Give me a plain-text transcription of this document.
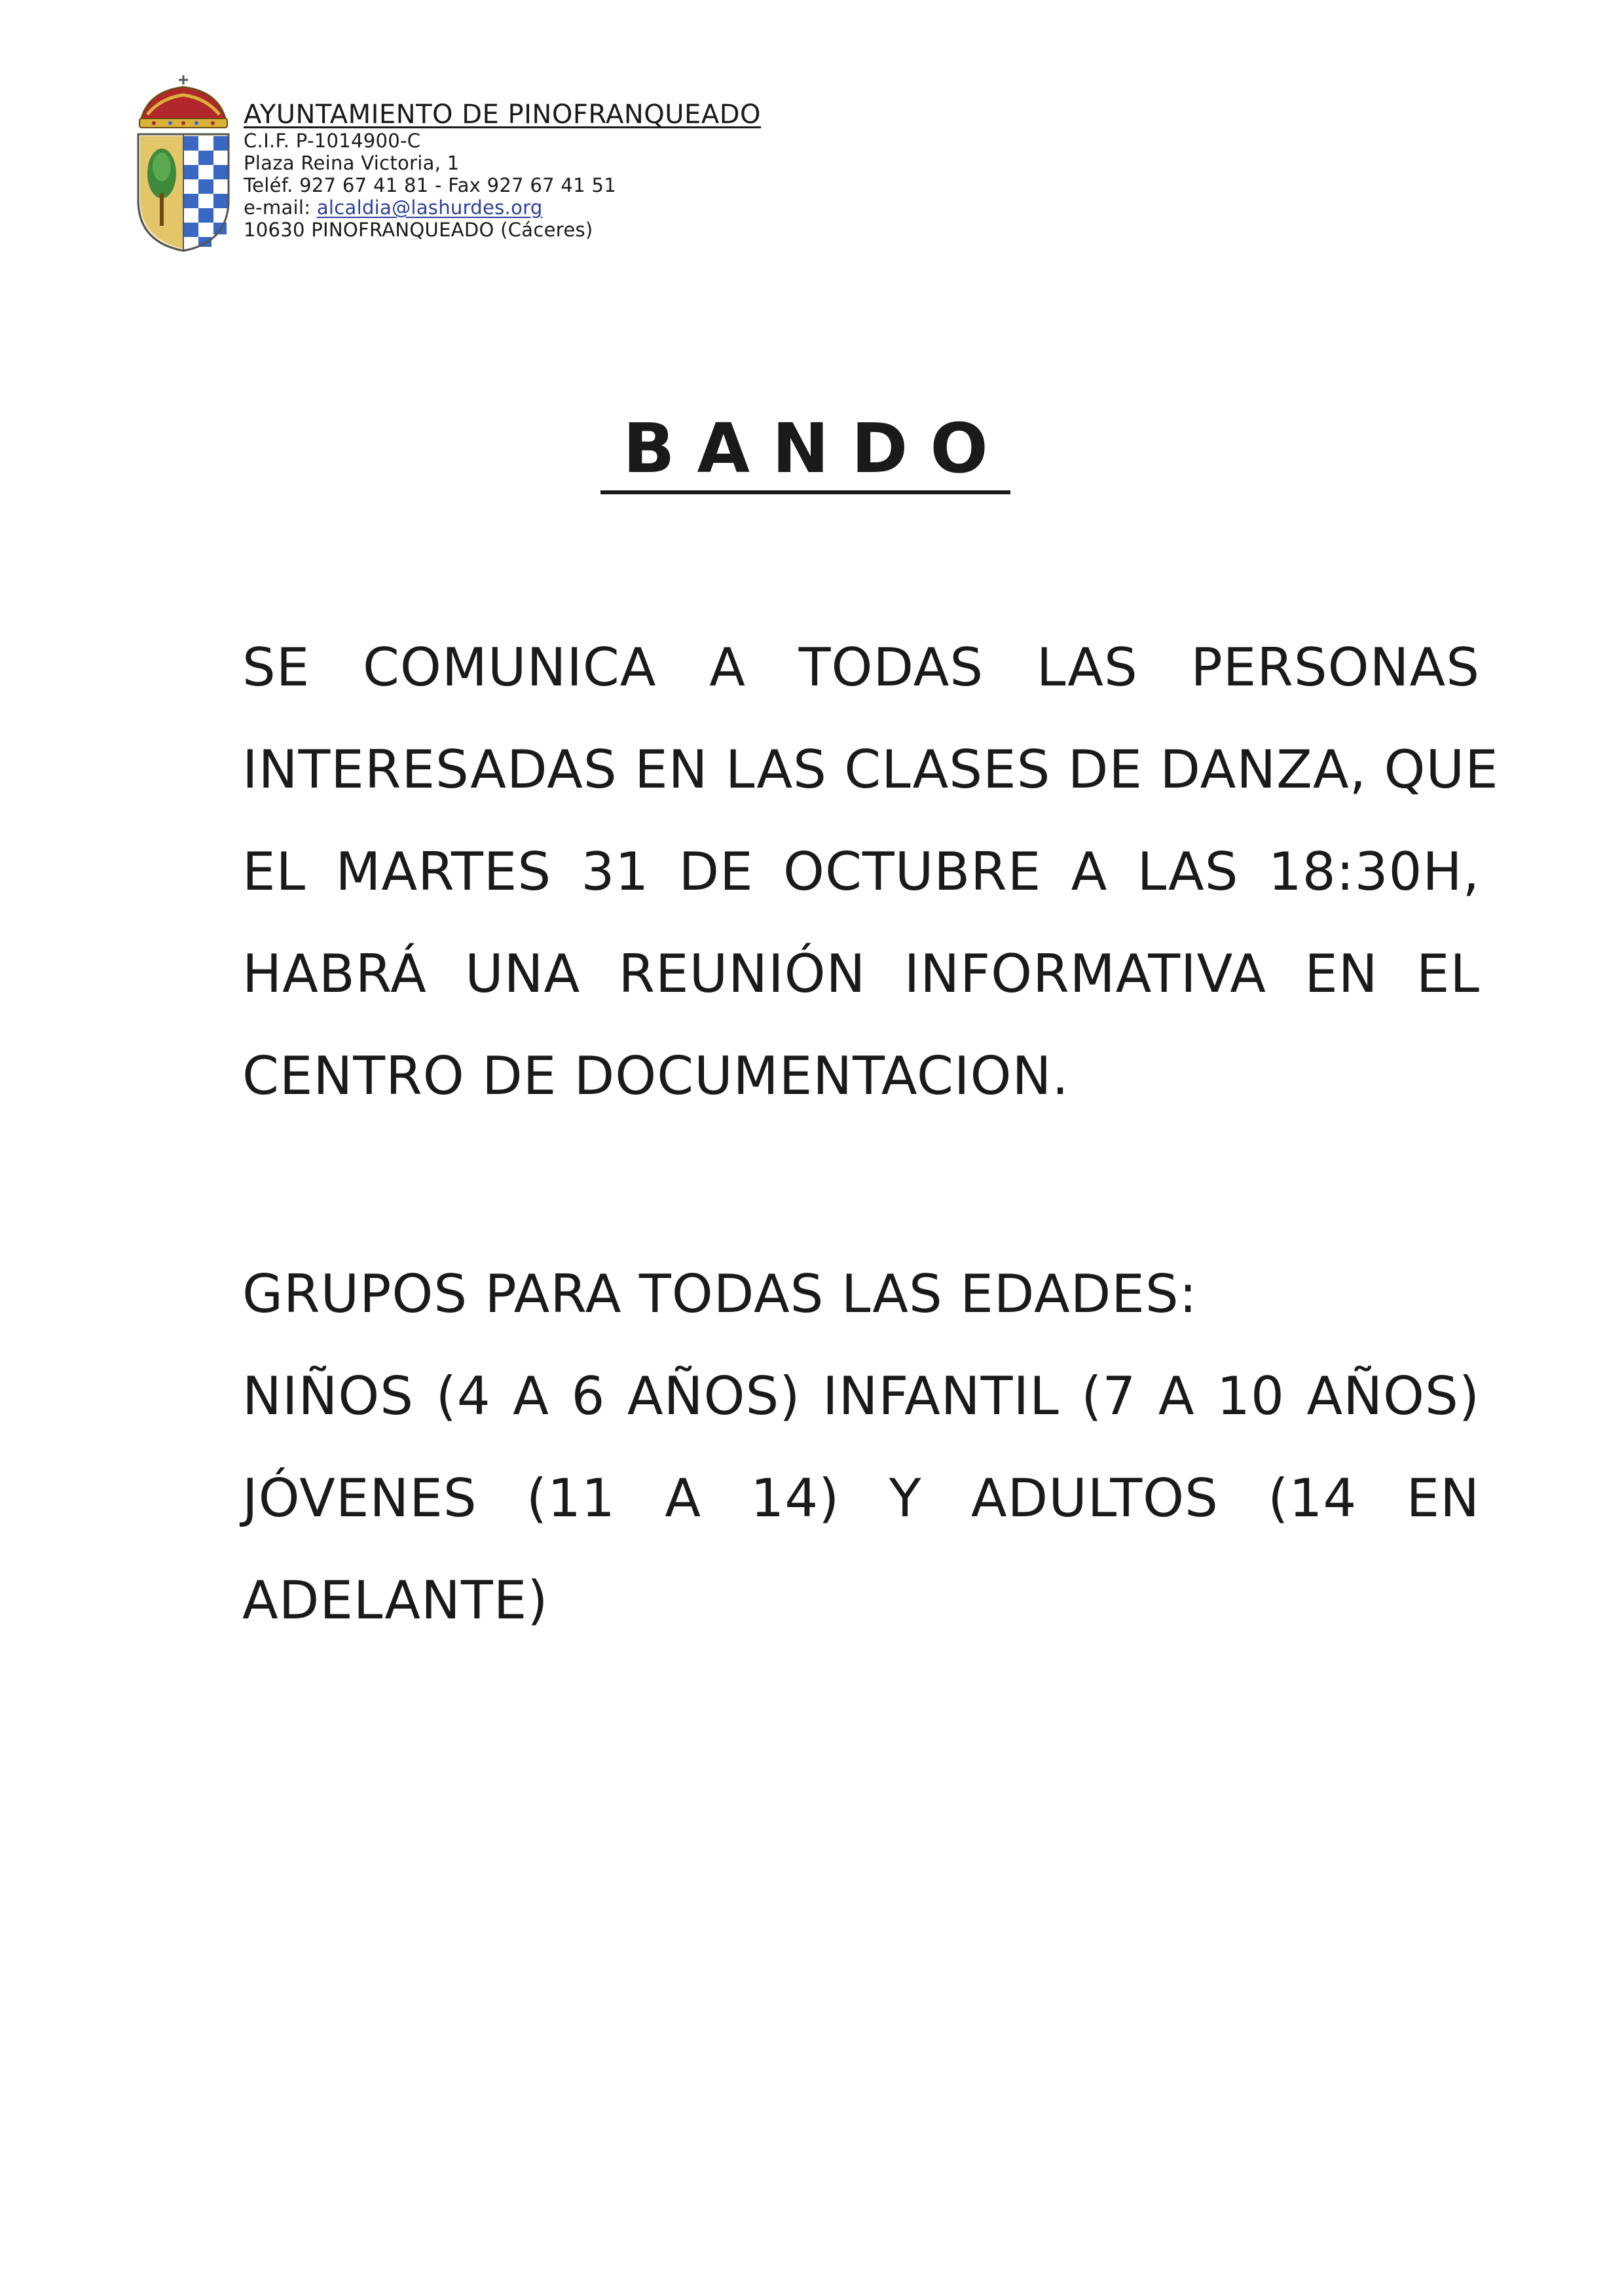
AYUNTAMIENTO DE PINOFRANQUEADO
C.I.F. P-1014900-C
Plaza Reina Victoria, 1
Teléf. 927 67 41 81 - Fax 927 67 41 51
e-mail: alcaldia@lashurdes.org
10630 PINOFRANQUEADO (Cáceres)
BANDO
SE COMUNICA A TODAS LAS PERSONAS
INTERESADAS EN LAS CLASES DE DANZA, QUE
EL MARTES 31 DE OCTUBRE A LAS 18:30H,
HABRÁ UNA REUNIÓN INFORMATIVA EN EL
CENTRO DE DOCUMENTACION.
GRUPOS PARA TODAS LAS EDADES:
NIÑOS (4 A 6 AÑOS) INFANTIL (7 A 10 AÑOS)
JÓVENES (11 A 14) Y ADULTOS (14 EN
ADELANTE)
